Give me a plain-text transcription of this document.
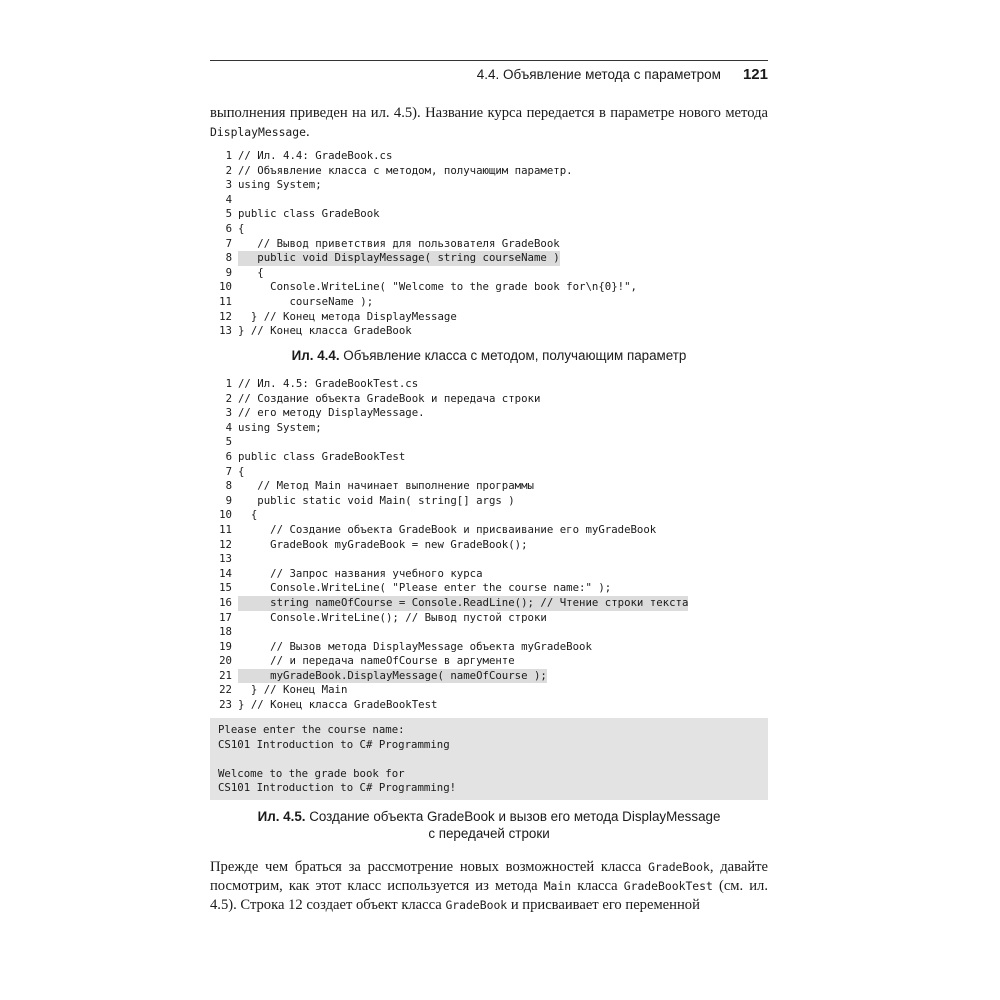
4.4. Объявление метода с параметром 121

выполнения приведен на ил. 4.5). Название курса передается в параметре нового метода DisplayMessage.

1 // Ил. 4.4: GradeBook.cs
2 // Объявление класса с методом, получающим параметр.
3 using System;
4
5 public class GradeBook
6 {
7 // Вывод приветствия для пользователя GradeBook
8 public void DisplayMessage( string courseName )
9 {
10 Console.WriteLine( "Welcome to the grade book for\n{0}!",
11 courseName );
12 } // Конец метода DisplayMessage
13 } // Конец класса GradeBook
Ил. 4.4. Объявление класса с методом, получающим параметр
1 // Ил. 4.5: GradeBookTest.cs
2 // Создание объекта GradeBook и передача строки
3 // его методу DisplayMessage.
4 using System;
5
6 public class GradeBookTest
7 {
8 // Метод Main начинает выполнение программы
9 public static void Main( string[] args )
10 {
11 // Создание объекта GradeBook и присваивание его myGradeBook
12 GradeBook myGradeBook = new GradeBook();
13
14 // Запрос названия учебного курса
15 Console.WriteLine( "Please enter the course name:" );
16 string nameOfCourse = Console.ReadLine(); // Чтение строки текста
17 Console.WriteLine(); // Вывод пустой строки
18
19 // Вызов метода DisplayMessage объекта myGradeBook
20 // и передача nameOfCourse в аргументе
21 myGradeBook.DisplayMessage( nameOfCourse );
22 } // Конец Main
23 } // Конец класса GradeBookTest
Please enter the course name:
CS101 Introduction to C# Programming
Welcome to the grade book for
CS101 Introduction to C# Programming!
Ил. 4.5. Создание объекта GradeBook и вызов его метода DisplayMessage
с передачей строки

Прежде чем браться за рассмотрение новых возможностей класса GradeBook, давайте посмотрим, как этот класс используется из метода Main класса GradeBookTest (см. ил. 4.5). Строка 12 создает объект класса GradeBook и присваивает его переменной
